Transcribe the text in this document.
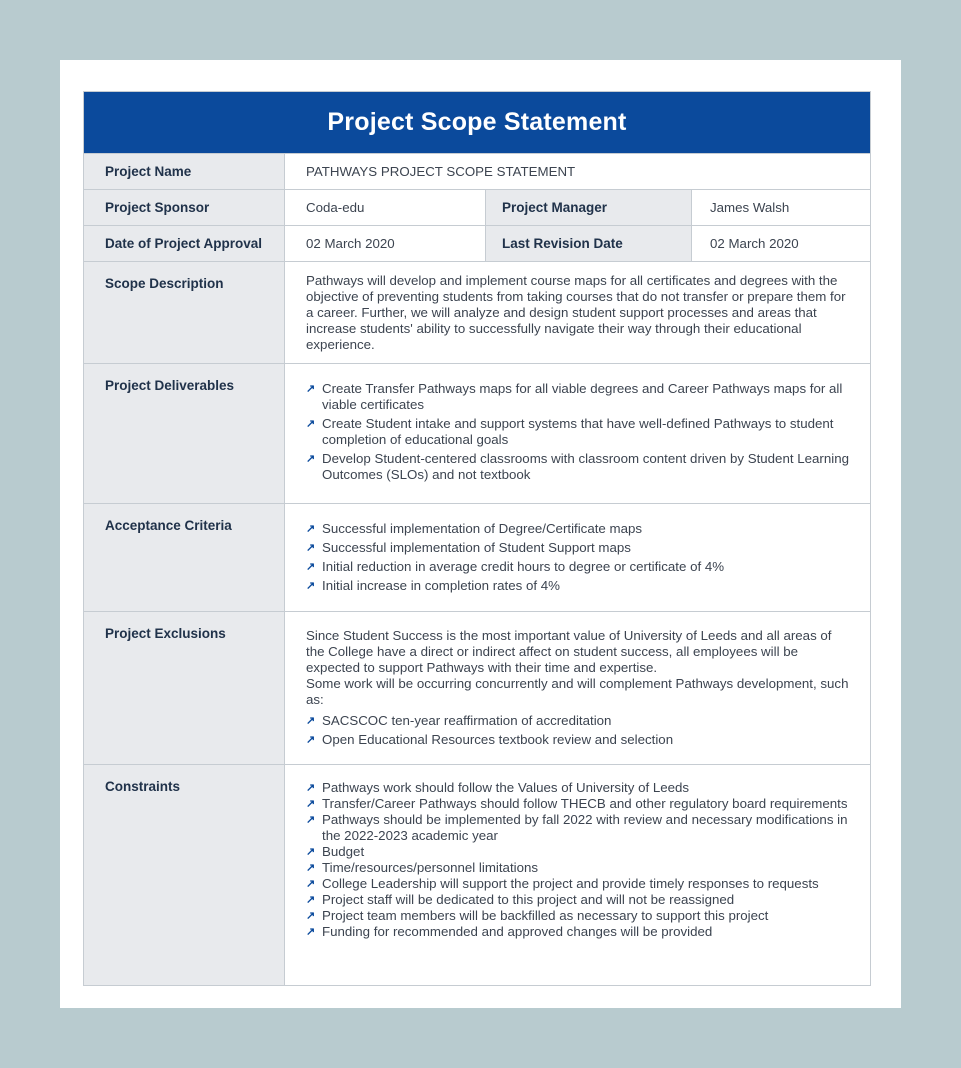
Project Scope Statement
Project Name	PATHWAYS PROJECT SCOPE STATEMENT
Project Sponsor	Coda-edu	Project Manager	James Walsh
Date of Project Approval	02 March 2020	Last Revision Date	02 March 2020
Scope Description	Pathways will develop and implement course maps for all certificates and degrees with the objective of preventing students from taking courses that do not transfer or prepare them for a career. Further, we will analyze and design student support processes and areas that increase students' ability to successfully navigate their way through their educational experience.
Project Deliverables	↗ Create Transfer Pathways maps for all viable degrees and Career Pathways maps for all viable certificates
↗ Create Student intake and support systems that have well-defined Pathways to student completion of educational goals
↗ Develop Student-centered classrooms with classroom content driven by Student Learning Outcomes (SLOs) and not textbook
Acceptance Criteria	↗ Successful implementation of Degree/Certificate maps
↗ Successful implementation of Student Support maps
↗ Initial reduction in average credit hours to degree or certificate of 4%
↗ Initial increase in completion rates of 4%
Project Exclusions	Since Student Success is the most important value of University of Leeds and all areas of the College have a direct or indirect affect on student success, all employees will be expected to support Pathways with their time and expertise.

Some work will be occurring concurrently and will complement Pathways development, such as:

↗ SACSCOC ten-year reaffirmation of accreditation
↗ Open Educational Resources textbook review and selection
Constraints	↗ Pathways work should follow the Values of University of Leeds
↗ Transfer/Career Pathways should follow THECB and other regulatory board requirements
↗ Pathways should be implemented by fall 2022 with review and necessary modifications in the 2022-2023 academic year
↗ Budget
↗ Time/resources/personnel limitations
↗ College Leadership will support the project and provide timely responses to requests
↗ Project staff will be dedicated to this project and will not be reassigned
↗ Project team members will be backfilled as necessary to support this project
↗ Funding for recommended and approved changes will be provided
